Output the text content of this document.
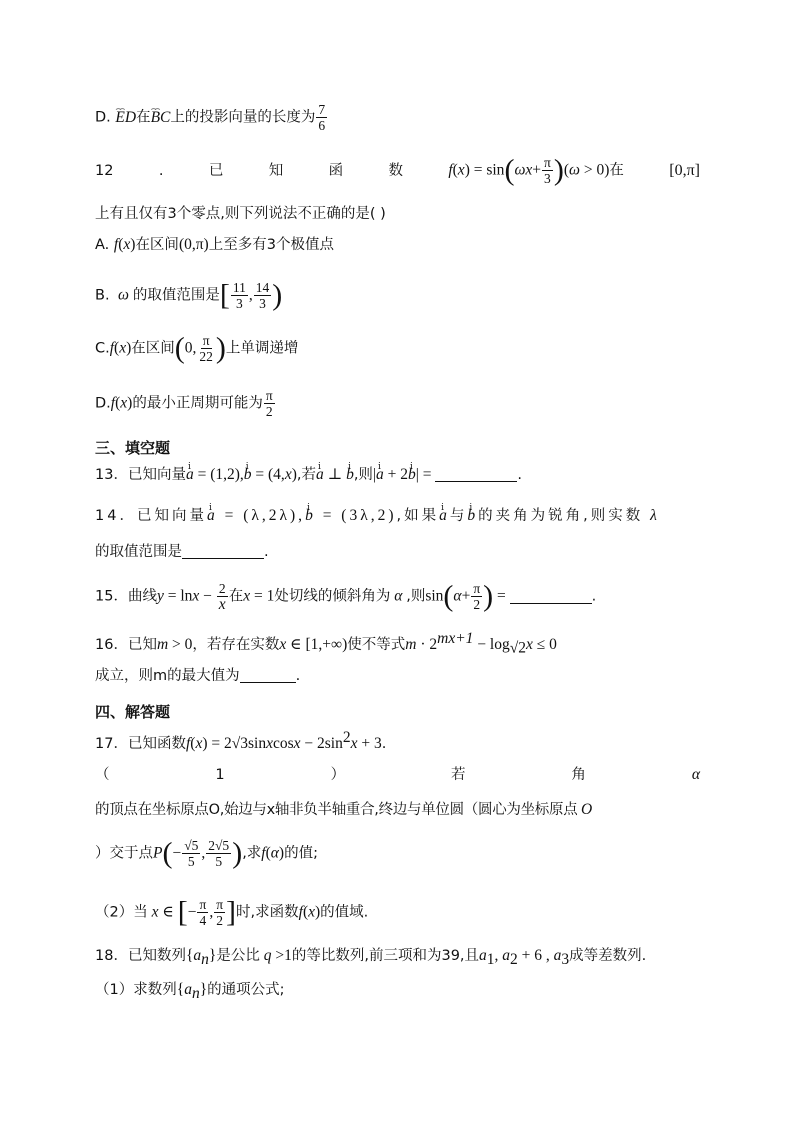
D. ⌢⌢ ED在⌢⌢ BC上的投影向量的长度为 $\frac{7}{6}$
12	.	已	知	函	数	$f(x) = \sin(\omega x+ \frac{\pi}{3} )(\omega > 0)$在	[0,π]
上有且仅有3个零点,则下列说法不正确的是( )
A. f(x)在区间(0,π)上至多有3个极值点
B.  ω 的取值范围是[ $\frac{11}{3}$ , $\frac{14}{3}$ )
C.f(x)在区间(0, $\frac{\pi}{22}$ )上单调递增
D.f(x)的最小正周期可能为 $\frac{\pi}{2}$
三、填空题
13．已知向量ⅰ a = (1,2),ⅰ b = (4,x),若ⅰ a ⊥ ⅰ b,则|ⅰ a + 2ⅰ b| =	.
14．已知向量ⅰ a = (λ,2λ),ⅰ b = (3λ,2),如果ⅰ a与ⅰ b的夹角为锐角,则实数 λ
的取值范围是	.
15．曲线$y = \ln x - \frac{2}{x}$ 在x = 1处切线的倾斜角为 α ,则$\sin(\alpha+ \frac{\pi}{2}$ ) =	.
16．已知m > 0，若存在实数x ∈ [1,+∞)使不等式$m \cdot 2^{mx+1} - \log_{√2}x \le 0$
成立，则m的最大值为	.
四、解答题
17．已知函数f(x) = 2√3sinxcosx − $2\sin^2x + 3$.
（	1	）	若	角	α
的顶点在坐标原点O,始边与x轴非负半轴重合,终边与单位圆（圆心为坐标原点 O
）交于点$P(- \frac{√5}{5}$ , $\frac{2√5}{5}$ ),求f(α)的值;
（2）当 x ∈ [− $\frac{\pi}{4}$ , $\frac{\pi}{2}$ ]时,求函数f(x)的值域.
18．已知数列$\{a_n\}$是公比 q >1的等比数列,前三项和为39,且$a_1$, $a_2 + 6$ , $a_3$成等差数列.
（1）求数列$\{a_n\}$的通项公式;
